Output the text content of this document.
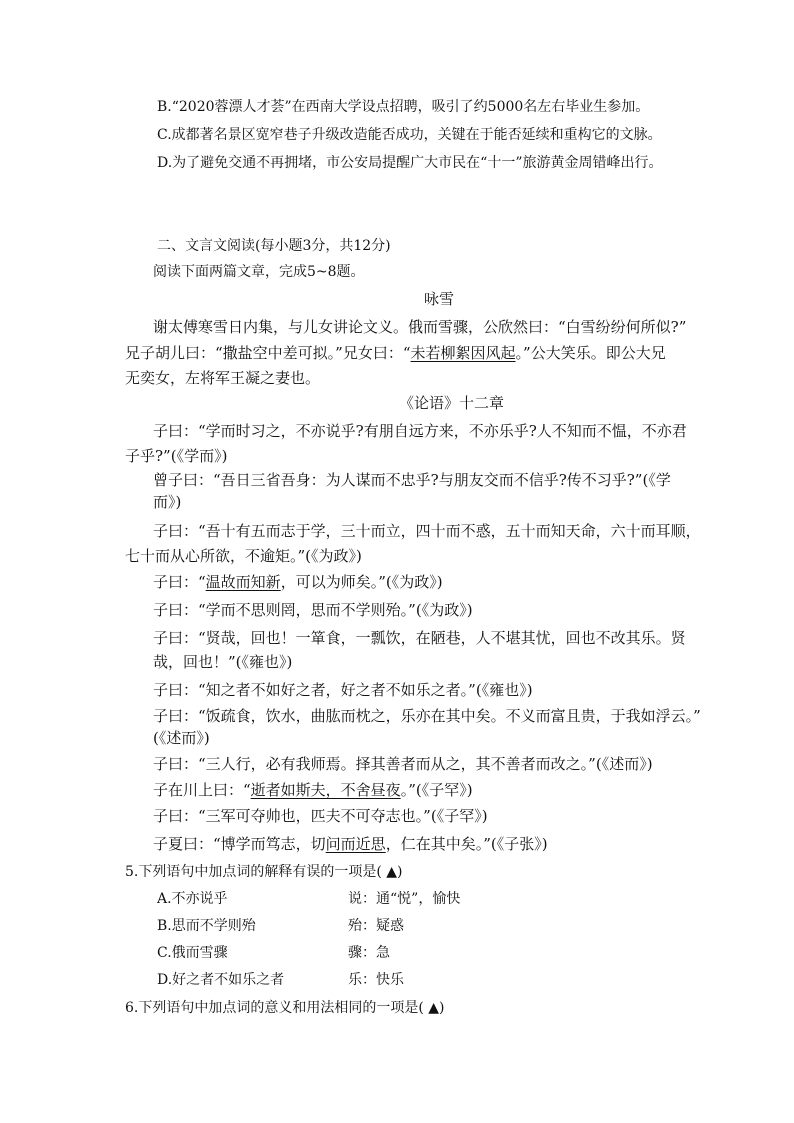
B.“2020蓉漂人才荟”在西南大学设点招聘，吸引了约5000名左右毕业生参加。
C.成都著名景区宽窄巷子升级改造能否成功，关键在于能否延续和重构它的文脉。
D.为了避免交通不再拥堵，市公安局提醒广大市民在“十一”旅游黄金周错峰出行。
二、文言文阅读(每小题3分，共12分)
阅读下面两篇文章，完成5~8题。
咏雪
谢太傅寒雪日内集，与儿女讲论文义。俄而雪骤，公欣然曰：“白雪纷纷何所似?”
兄子胡儿曰：“撒盐空中差可拟。”兄女曰：“未若柳絮因风起。”公大笑乐。即公大兄
无奕女，左将军王凝之妻也。
《论语》十二章
子曰：“学而时习之，不亦说乎?有朋自远方来，不亦乐乎?人不知而不愠，不亦君
子乎?”(《学而》)
曾子曰：“吾日三省吾身：为人谋而不忠乎?与朋友交而不信乎?传不习乎?”(《学
而》)
子曰：“吾十有五而志于学，三十而立，四十而不惑，五十而知天命，六十而耳顺，
七十而从心所欲，不逾矩。”(《为政》)
子曰：“温故而知新，可以为师矣。”(《为政》)
子曰：“学而不思则罔，思而不学则殆。”(《为政》)
子曰：“贤哉，回也！一箪食，一瓢饮，在陋巷，人不堪其忧，回也不改其乐。贤
哉，回也！”(《雍也》)
子曰：“知之者不如好之者，好之者不如乐之者。”(《雍也》)
子曰：“饭疏食，饮水，曲肱而枕之，乐亦在其中矣。不义而富且贵，于我如浮云。”
(《述而》)
子曰：“三人行，必有我师焉。择其善者而从之，其不善者而改之。”(《述而》)
子在川上曰：“逝者如斯夫，不舍昼夜。”(《子罕》)
子曰：“三军可夺帅也，匹夫不可夺志也。”(《子罕》)
子夏曰：“博学而笃志，切问而近思，仁在其中矣。”(《子张》)
5.下列语句中加点词的解释有误的一项是( ▲)
A.不亦说乎	说：通“悦”，愉快
B.思而不学则殆	殆：疑惑
C.俄而雪骤	骤：急
D.好之者不如乐之者	乐：快乐
6.下列语句中加点词的意义和用法相同的一项是( ▲)
